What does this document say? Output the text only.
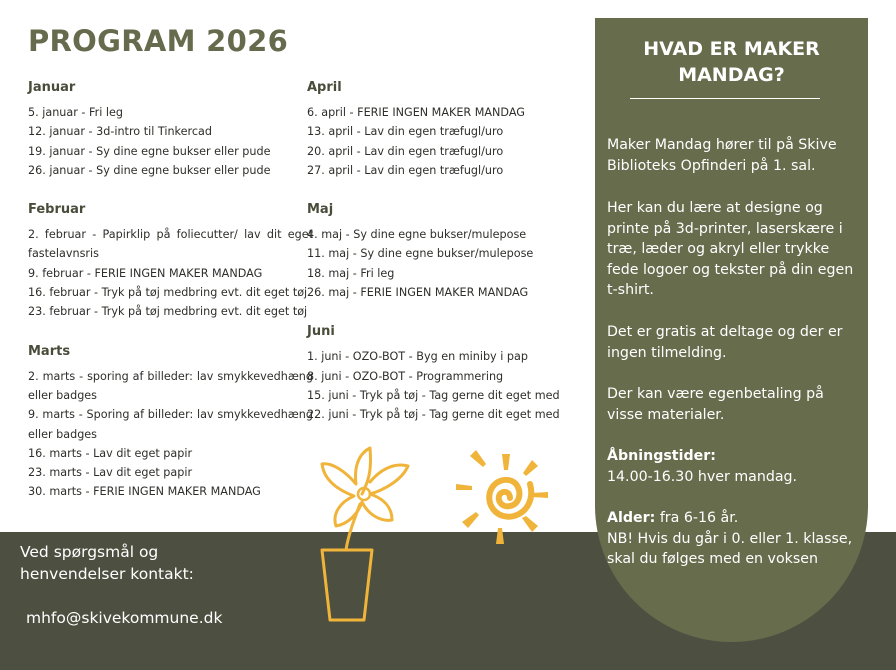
PROGRAM 2026
Januar
5. januar - Fri leg
12. januar - 3d-intro til Tinkercad
19. januar - Sy dine egne bukser eller pude
26. januar - Sy dine egne bukser eller pude
Februar
2. februar - Papirklip på foliecutter/ lav dit eget fastelavnsris
9. februar - FERIE INGEN MAKER MANDAG
16. februar - Tryk på tøj medbring evt. dit eget tøj
23. februar - Tryk på tøj medbring evt. dit eget tøj
Marts
2. marts - sporing af billeder: lav smykkevedhæng eller badges
9. marts - Sporing af billeder: lav smykkevedhæng eller badges
16. marts - Lav dit eget papir
23. marts - Lav dit eget papir
30. marts - FERIE INGEN MAKER MANDAG
April
6. april - FERIE INGEN MAKER MANDAG
13. april - Lav din egen træfugl/uro
20. april - Lav din egen træfugl/uro
27. april - Lav din egen træfugl/uro
Maj
4. maj - Sy dine egne bukser/mulepose
11. maj - Sy dine egne bukser/mulepose
18. maj - Fri leg
26. maj - FERIE INGEN MAKER MANDAG
Juni
1. juni - OZO-BOT - Byg en miniby i pap
8. juni - OZO-BOT - Programmering
15. juni - Tryk på tøj - Tag gerne dit eget med
22. juni - Tryk på tøj - Tag gerne dit eget med
Ved spørgsmål og henvendelser kontakt:
mhfo@skivekommune.dk
HVAD ER MAKER MANDAG?

Maker Mandag hører til på Skive Biblioteks Opfinderi på 1. sal.

Her kan du lære at designe og printe på 3d-printer, laserskære i træ, læder og akryl eller trykke fede logoer og tekster på din egen t-shirt.

Det er gratis at deltage og der er ingen tilmelding.

Der kan være egenbetaling på visse materialer.

Åbningstider:
14.00-16.30 hver mandag.

Alder: fra 6-16 år.
NB! Hvis du går i 0. eller 1. klasse, skal du følges med en voksen
